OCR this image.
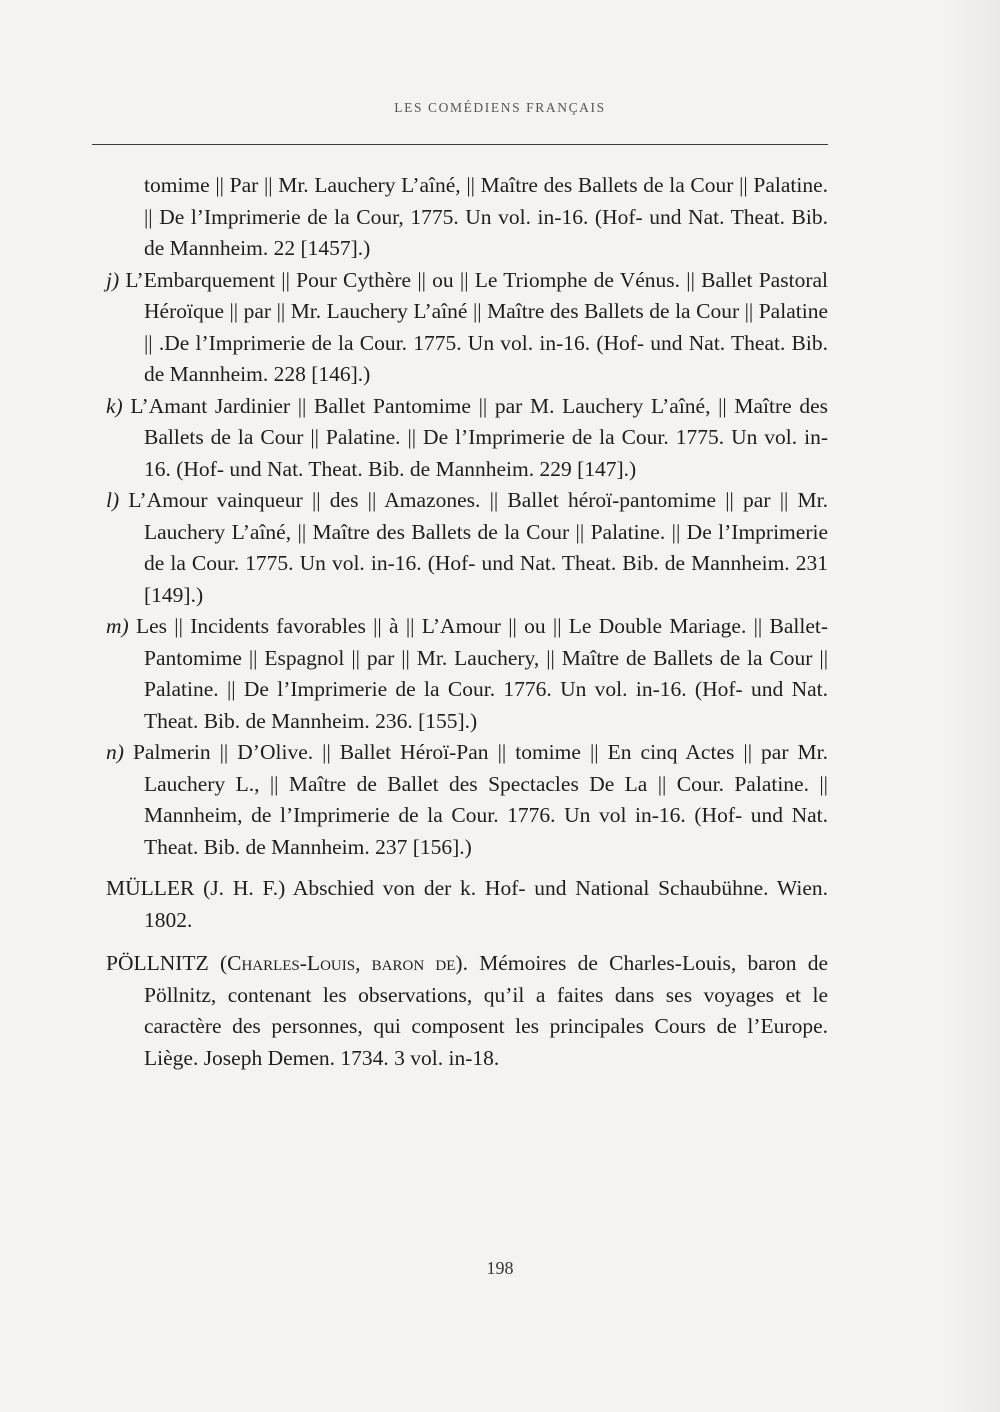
LES COMÉDIENS FRANÇAIS

tomime || Par || Mr. Lauchery L’aîné, || Maître des Ballets de la Cour || Palatine. || De l’Imprimerie de la Cour, 1775. Un vol. in-16. (Hof- und Nat. Theat. Bib. de Mannheim. 22 [1457].)

j) L’Embarquement || Pour Cythère || ou || Le Triomphe de Vénus. || Ballet Pastoral Héroïque || par || Mr. Lauchery L’aîné || Maître des Ballets de la Cour || Palatine || .De l’Imprimerie de la Cour. 1775. Un vol. in-16. (Hof- und Nat. Theat. Bib. de Mannheim. 228 [146].)

k) L’Amant Jardinier || Ballet Pantomime || par M. Lauchery L’aîné, || Maître des Ballets de la Cour || Palatine. || De l’Imprimerie de la Cour. 1775. Un vol. in-16. (Hof- und Nat. Theat. Bib. de Mannheim. 229 [147].)

l) L’Amour vainqueur || des || Amazones. || Ballet héroï-pantomime || par || Mr. Lauchery L’aîné, || Maître des Ballets de la Cour || Palatine. || De l’Imprimerie de la Cour. 1775. Un vol. in-16. (Hof- und Nat. Theat. Bib. de Mannheim. 231 [149].)

m) Les || Incidents favorables || à || L’Amour || ou || Le Double Mariage. || Ballet-Pantomime || Espagnol || par || Mr. Lauchery, || Maître de Ballets de la Cour || Palatine. || De l’Imprimerie de la Cour. 1776. Un vol. in-16. (Hof- und Nat. Theat. Bib. de Mannheim. 236. [155].)

n) Palmerin || D’Olive. || Ballet Héroï-Pan || tomime || En cinq Actes || par Mr. Lauchery L., || Maître de Ballet des Spectacles De La || Cour. Palatine. || Mannheim, de l’Imprimerie de la Cour. 1776. Un vol in-16. (Hof- und Nat. Theat. Bib. de Mannheim. 237 [156].)

MÜLLER (J. H. F.) Abschied von der k. Hof- und National Schaubühne. Wien. 1802.

PÖLLNITZ (Charles-Louis, baron de). Mémoires de Charles-Louis, baron de Pöllnitz, contenant les observations, qu’il a faites dans ses voyages et le caractère des personnes, qui composent les principales Cours de l’Europe. Liège. Joseph Demen. 1734. 3 vol. in-18.

198
